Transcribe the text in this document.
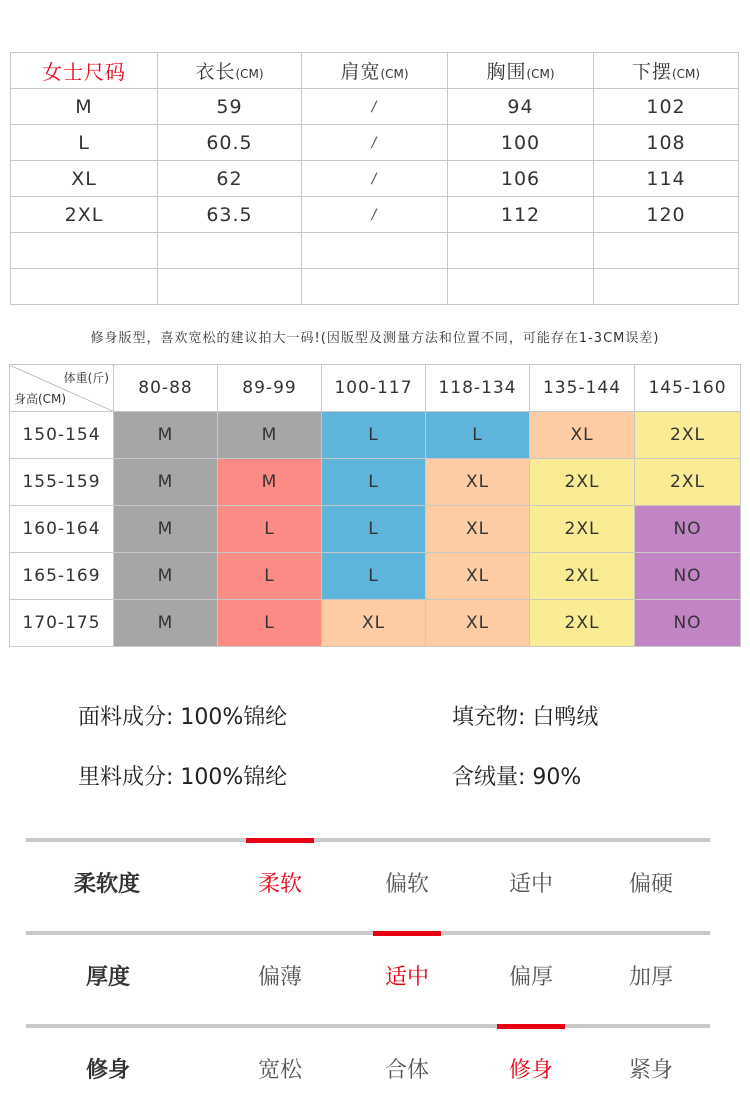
女士尺码	衣长(CM)	肩宽(CM)	胸围(CM)	下摆(CM)
M	59	/	94	102
L	60.5	/	100	108
XL	62	/	106	114
2XL	63.5	/	112	120

修身版型，喜欢宽松的建议拍大一码!(因版型及测量方法和位置不同，可能存在1-3CM误差)
体重(斤)
身高(CM)	80-88	89-99	100-117	118-134	135-144	145-160
150-154	M	M	L	L	XL	2XL
155-159	M	M	L	XL	2XL	2XL
160-164	M	L	L	XL	2XL	NO
165-169	M	L	L	XL	2XL	NO
170-175	M	L	XL	XL	2XL	NO
面料成分: 100%锦纶	填充物: 白鸭绒
里料成分: 100%锦纶	含绒量: 90%
柔软度	柔软	偏软	适中	偏硬
厚度	偏薄	适中	偏厚	加厚
修身	宽松	合体	修身	紧身
